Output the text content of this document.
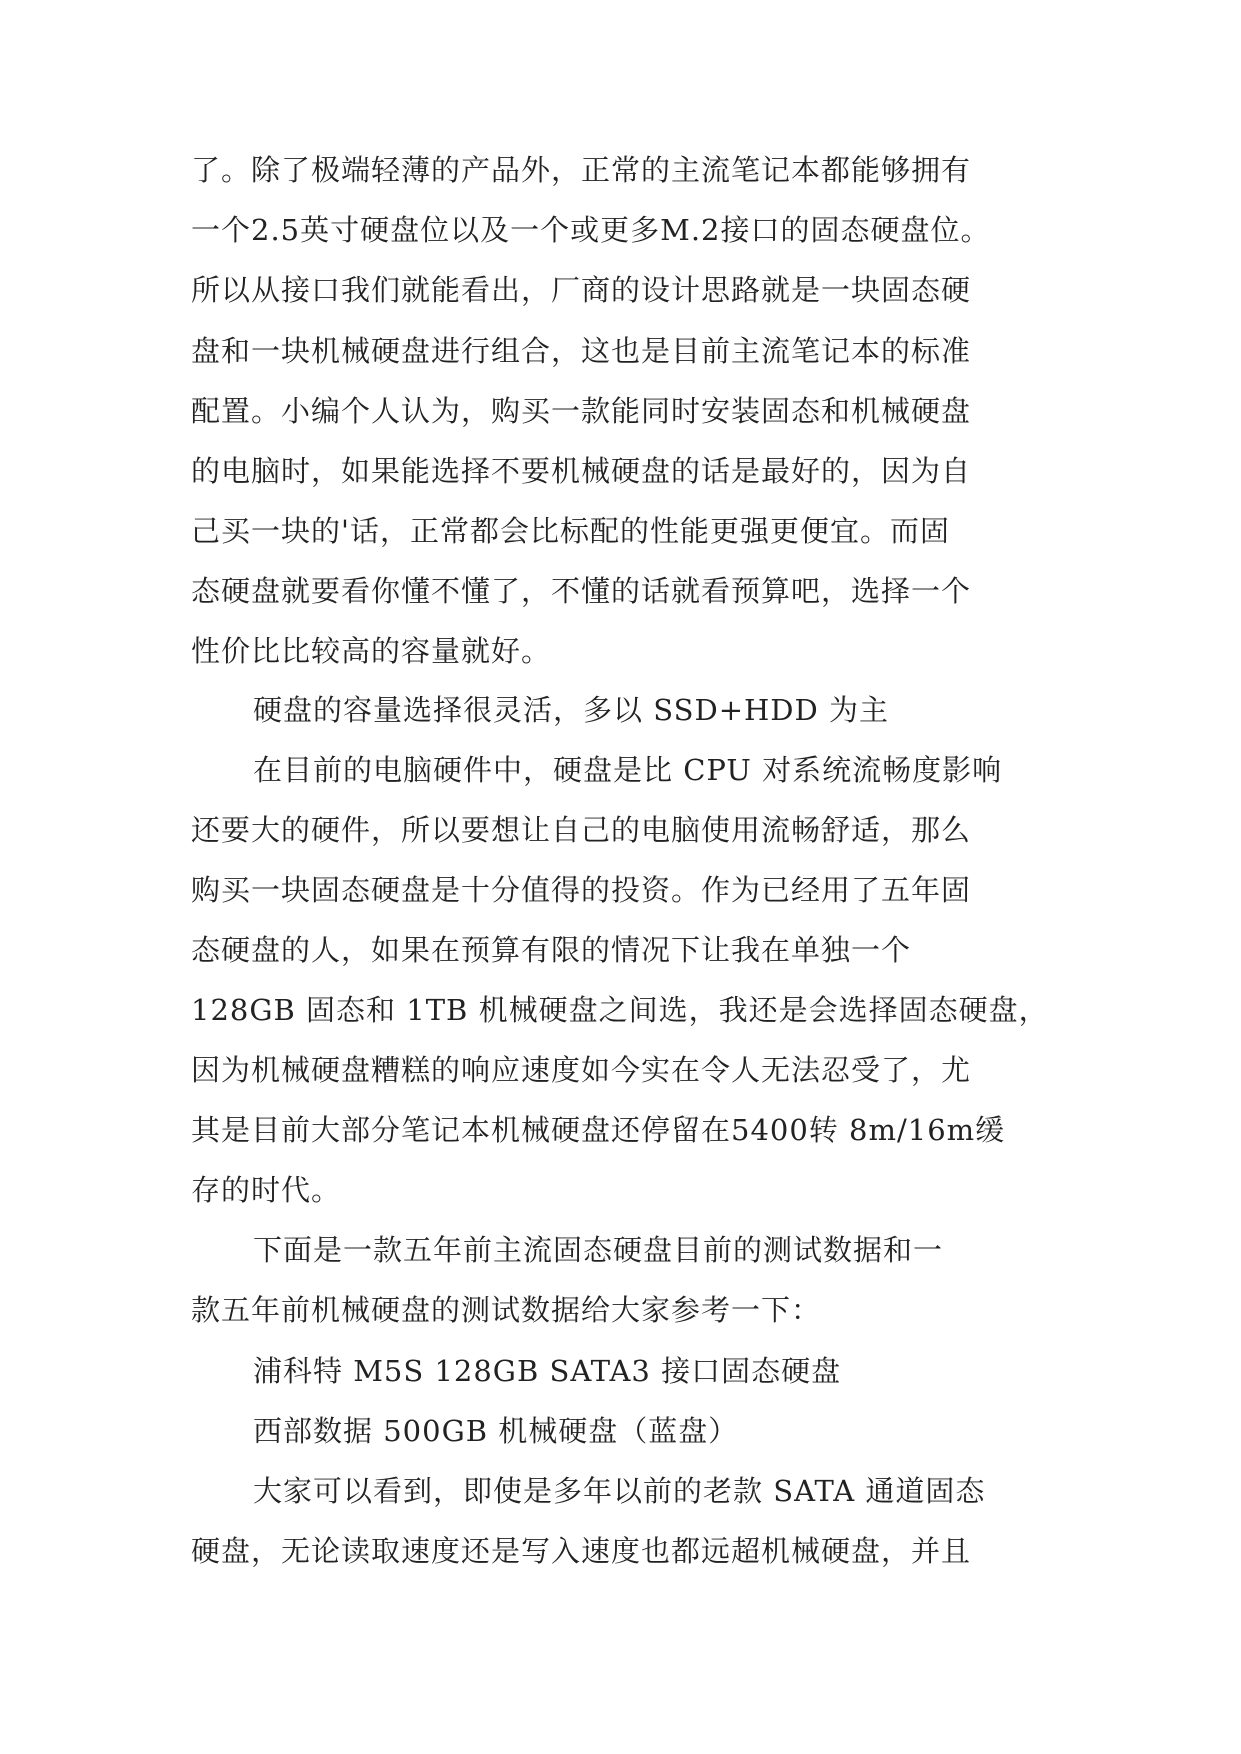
了。除了极端轻薄的产品外，正常的主流笔记本都能够拥有

一个2.5英寸硬盘位以及一个或更多M.2接口的固态硬盘位。

所以从接口我们就能看出，厂商的设计思路就是一块固态硬

盘和一块机械硬盘进行组合，这也是目前主流笔记本的标准

配置。小编个人认为，购买一款能同时安装固态和机械硬盘

的电脑时，如果能选择不要机械硬盘的话是最好的，因为自

己买一块的'话，正常都会比标配的性能更强更便宜。而固

态硬盘就要看你懂不懂了，不懂的话就看预算吧，选择一个

性价比比较高的容量就好。

硬盘的容量选择很灵活，多以 SSD+HDD 为主

在目前的电脑硬件中，硬盘是比 CPU 对系统流畅度影响

还要大的硬件，所以要想让自己的电脑使用流畅舒适，那么

购买一块固态硬盘是十分值得的投资。作为已经用了五年固

态硬盘的人，如果在预算有限的情况下让我在单独一个

128GB 固态和 1TB 机械硬盘之间选，我还是会选择固态硬盘，

因为机械硬盘糟糕的响应速度如今实在令人无法忍受了，尤

其是目前大部分笔记本机械硬盘还停留在5400转 8m/16m缓

存的时代。

下面是一款五年前主流固态硬盘目前的测试数据和一

款五年前机械硬盘的测试数据给大家参考一下：

浦科特 M5S 128GB SATA3 接口固态硬盘

西部数据 500GB 机械硬盘（蓝盘）

大家可以看到，即使是多年以前的老款 SATA 通道固态

硬盘，无论读取速度还是写入速度也都远超机械硬盘，并且
